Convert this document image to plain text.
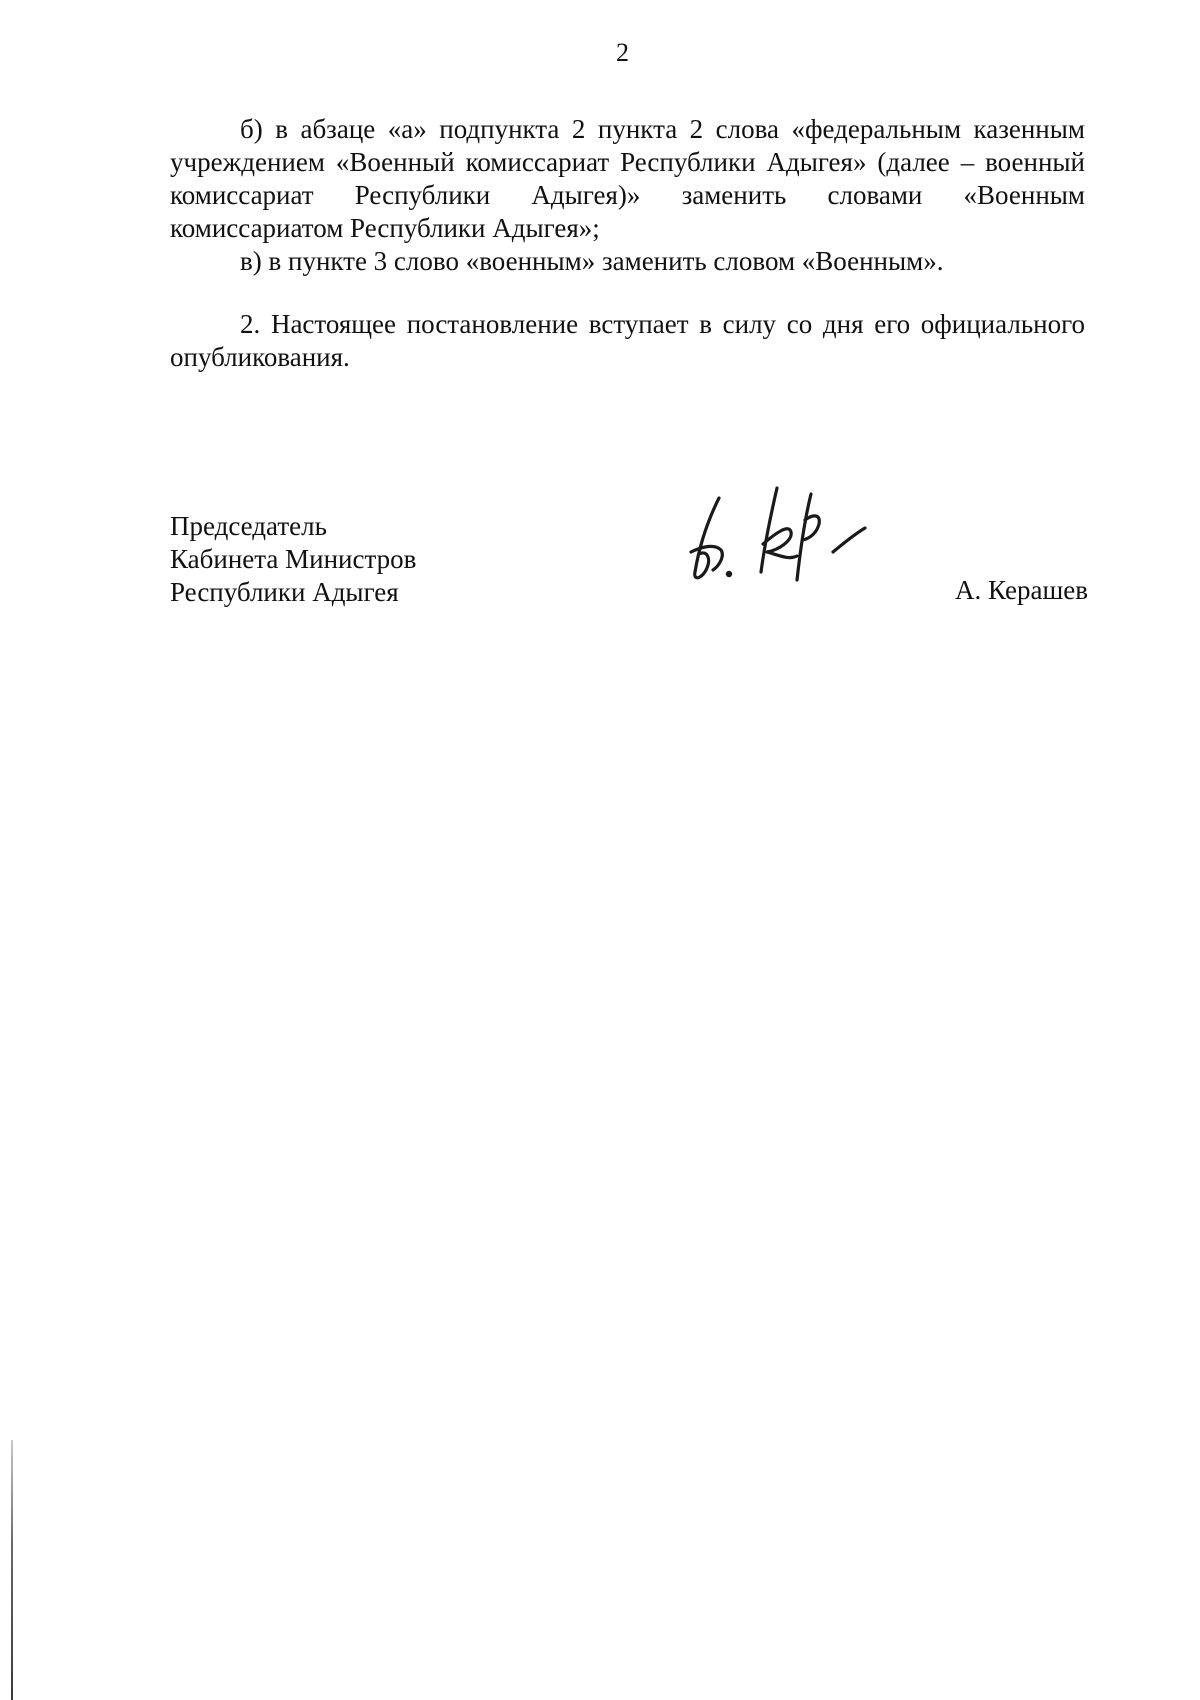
2

б) в абзаце «а» подпункта 2 пункта 2 слова «федеральным казенным учреждением «Военный комиссариат Республики Адыгея» (далее – военный комиссариат Республики Адыгея)» заменить словами «Военным комиссариатом Республики Адыгея»;

в) в пункте 3 слово «военным» заменить словом «Военным».

2. Настоящее постановление вступает в силу со дня его официального опубликования.

Председатель
Кабинета Министров
Республики Адыгея	А. Керашев
